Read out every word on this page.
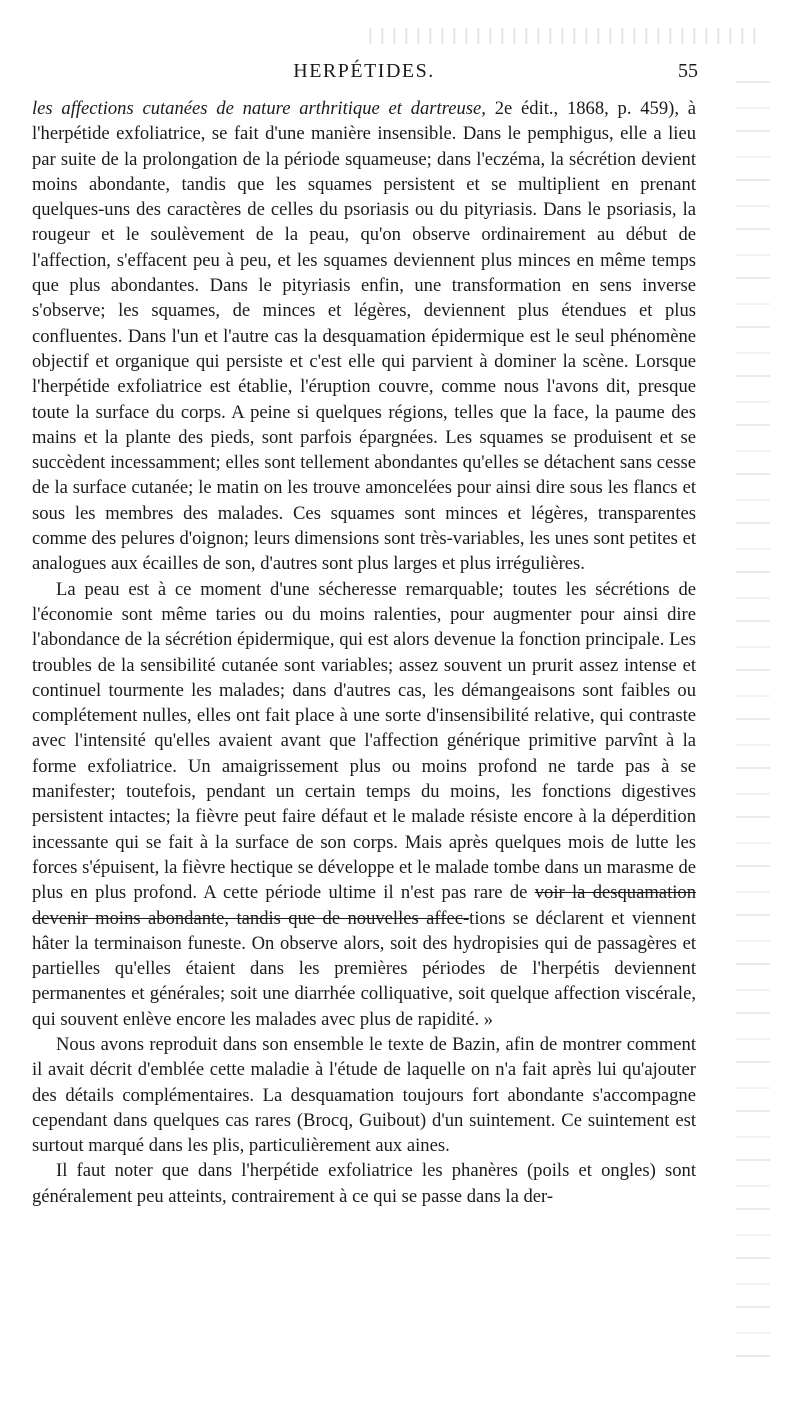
HERPÉTIDES.	55

les affections cutanées de nature arthritique et dartreuse, 2e édit., 1868, p. 459), à l'herpétide exfoliatrice, se fait d'une manière insensible. Dans le pemphigus, elle a lieu par suite de la prolongation de la période squameuse; dans l'eczéma, la sécrétion devient moins abondante, tandis que les squames persistent et se multiplient en prenant quelques-uns des caractères de celles du psoriasis ou du pityriasis. Dans le psoriasis, la rougeur et le soulèvement de la peau, qu'on observe ordinairement au début de l'affection, s'effacent peu à peu, et les squames deviennent plus minces en même temps que plus abondantes. Dans le pityriasis enfin, une transformation en sens inverse s'observe; les squames, de minces et légères, deviennent plus étendues et plus confluentes. Dans l'un et l'autre cas la desquamation épidermique est le seul phénomène objectif et organique qui persiste et c'est elle qui parvient à dominer la scène. Lorsque l'herpétide exfoliatrice est établie, l'éruption couvre, comme nous l'avons dit, presque toute la surface du corps. A peine si quelques régions, telles que la face, la paume des mains et la plante des pieds, sont parfois épargnées. Les squames se produisent et se succèdent incessamment; elles sont tellement abondantes qu'elles se détachent sans cesse de la surface cutanée; le matin on les trouve amoncelées pour ainsi dire sous les flancs et sous les membres des malades. Ces squames sont minces et légères, transparentes comme des pelures d'oignon; leurs dimensions sont très-variables, les unes sont petites et analogues aux écailles de son, d'autres sont plus larges et plus irrégulières.

La peau est à ce moment d'une sécheresse remarquable; toutes les sécrétions de l'économie sont même taries ou du moins ralenties, pour augmenter pour ainsi dire l'abondance de la sécrétion épidermique, qui est alors devenue la fonction principale. Les troubles de la sensibilité cutanée sont variables; assez souvent un prurit assez intense et continuel tourmente les malades; dans d'autres cas, les démangeaisons sont faibles ou complétement nulles, elles ont fait place à une sorte d'insensibilité relative, qui contraste avec l'intensité qu'elles avaient avant que l'affection générique primitive parvînt à la forme exfoliatrice. Un amaigrissement plus ou moins profond ne tarde pas à se manifester; toutefois, pendant un certain temps du moins, les fonctions digestives persistent intactes; la fièvre peut faire défaut et le malade résiste encore à la déperdition incessante qui se fait à la surface de son corps. Mais après quelques mois de lutte les forces s'épuisent, la fièvre hectique se développe et le malade tombe dans un marasme de plus en plus profond. A cette période ultime il n'est pas rare de voir la desquamation devenir moins abondante, tandis que de nouvelles affec-tions se déclarent et viennent hâter la terminaison funeste. On observe alors, soit des hydropisies qui de passagères et partielles qu'elles étaient dans les premières périodes de l'herpétis deviennent permanentes et générales; soit une diarrhée colliquative, soit quelque affection viscérale, qui souvent enlève encore les malades avec plus de rapidité. »

Nous avons reproduit dans son ensemble le texte de Bazin, afin de montrer comment il avait décrit d'emblée cette maladie à l'étude de laquelle on n'a fait après lui qu'ajouter des détails complémentaires. La desquamation toujours fort abondante s'accompagne cependant dans quelques cas rares (Brocq, Guibout) d'un suintement. Ce suintement est surtout marqué dans les plis, particulièrement aux aines.

Il faut noter que dans l'herpétide exfoliatrice les phanères (poils et ongles) sont généralement peu atteints, contrairement à ce qui se passe dans la der-
